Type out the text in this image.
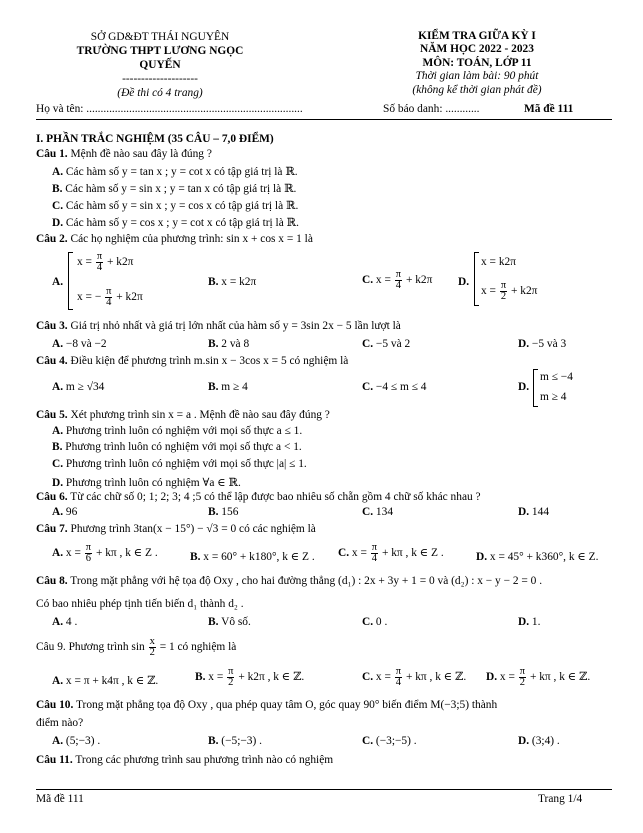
SỞ GD&ĐT THÁI NGUYÊN
TRƯỜNG THPT LƯƠNG NGỌC QUYẾN
--------------------
(Đề thi có 4 trang)
KIỂM TRA GIỮA KỲ I
NĂM HỌC 2022 - 2023
MÔN: TOÁN, LỚP 11
Thời gian làm bài: 90 phút
(không kể thời gian phát đề)
Họ và tên: ............................................................................	Số báo danh: ............	Mã đề 111
I. PHẦN TRẮC NGHIỆM (35 CÂU – 7,0 ĐIỂM)
Câu 1. Mệnh đề nào sau đây là đúng ?
A. Các hàm số y = tan x ; y = cot x có tập giá trị là ℝ.
B. Các hàm số y = sin x ; y = tan x có tập giá trị là ℝ.
C. Các hàm số y = sin x ; y = cos x có tập giá trị là ℝ.
D. Các hàm số y = cos x ; y = cot x có tập giá trị là ℝ.
Câu 2. Các họ nghiệm của phương trình: sin x + cos x = 1 là
A.
$x = \frac{\pi}{4} + k2\pi$
x = − $\frac{\pi}{4} + k2\pi$
B. x = k2π	C. $x = \frac{\pi}{4} + k2\pi$ D.
x = k2π
$x = \frac{\pi}{2} + k2\pi$
Câu 3. Giá trị nhỏ nhất và giá trị lớn nhất của hàm số y = 3sin 2x − 5 lần lượt là
A. −8 và −2	B. 2 và 8	C. −5 và 2	D. −5 và 3
Câu 4. Điều kiện để phương trình m.sin x − 3cos x = 5 có nghiệm là
A. m ≥ √34	B. m ≥ 4	C. −4 ≤ m ≤ 4	D.
m ≤ −4
m ≥ 4
Câu 5. Xét phương trình sin x = a . Mệnh đề nào sau đây đúng ?
A. Phương trình luôn có nghiệm với mọi số thực a ≤ 1.
B. Phương trình luôn có nghiệm với mọi số thực a < 1.
C. Phương trình luôn có nghiệm với mọi số thực |a| ≤ 1.
D. Phương trình luôn có nghiệm ∀a ∈ ℝ.
Câu 6. Từ các chữ số 0; 1; 2; 3; 4 ;5 có thể lập được bao nhiêu số chẵn gồm 4 chữ số khác nhau ?
A. 96	B. 156	C. 134	D. 144
Câu 7. Phương trình 3tan(x − 15°) − √3 = 0 có các nghiệm là
A. $x = \frac{\pi}{6} + k\pi$ , k ∈ Z .	B. x = 60° + k180°, k ∈ Z . C. $x = \frac{\pi}{4} + k\pi$ , k ∈ Z .	D. x = 45° + k360°, k ∈ Z.
Câu 8. Trong mặt phẳng với hệ tọa độ Oxy , cho hai đường thẳng (d₁) : 2x + 3y + 1 = 0 và (d₂) : x − y − 2 = 0 .
Có bao nhiêu phép tịnh tiến biến d₁ thành d₂ .
A. 4 .	B. Vô số.	C. 0 .	D. 1.
Câu 9. Phương trình $\sin \frac{x}{2} = 1$ có nghiệm là
A. x = π + k4π , k ∈ ℤ.	B. $x = \frac{\pi}{2} + k2\pi$ , k ∈ ℤ.	C. $x = \frac{\pi}{4} + k\pi$ , k ∈ ℤ. D. $x = \frac{\pi}{2} + k\pi$ , k ∈ ℤ.
Câu 10. Trong mặt phẳng tọa độ Oxy , qua phép quay tâm O, góc quay 90° biến điểm M(−3;5) thành
điểm nào?
A. (5;−3) .	B. (−5;−3) .	C. (−3;−5) .	D. (3;4) .
Câu 11. Trong các phương trình sau phương trình nào có nghiệm
Mã đề 111	Trang 1/4
